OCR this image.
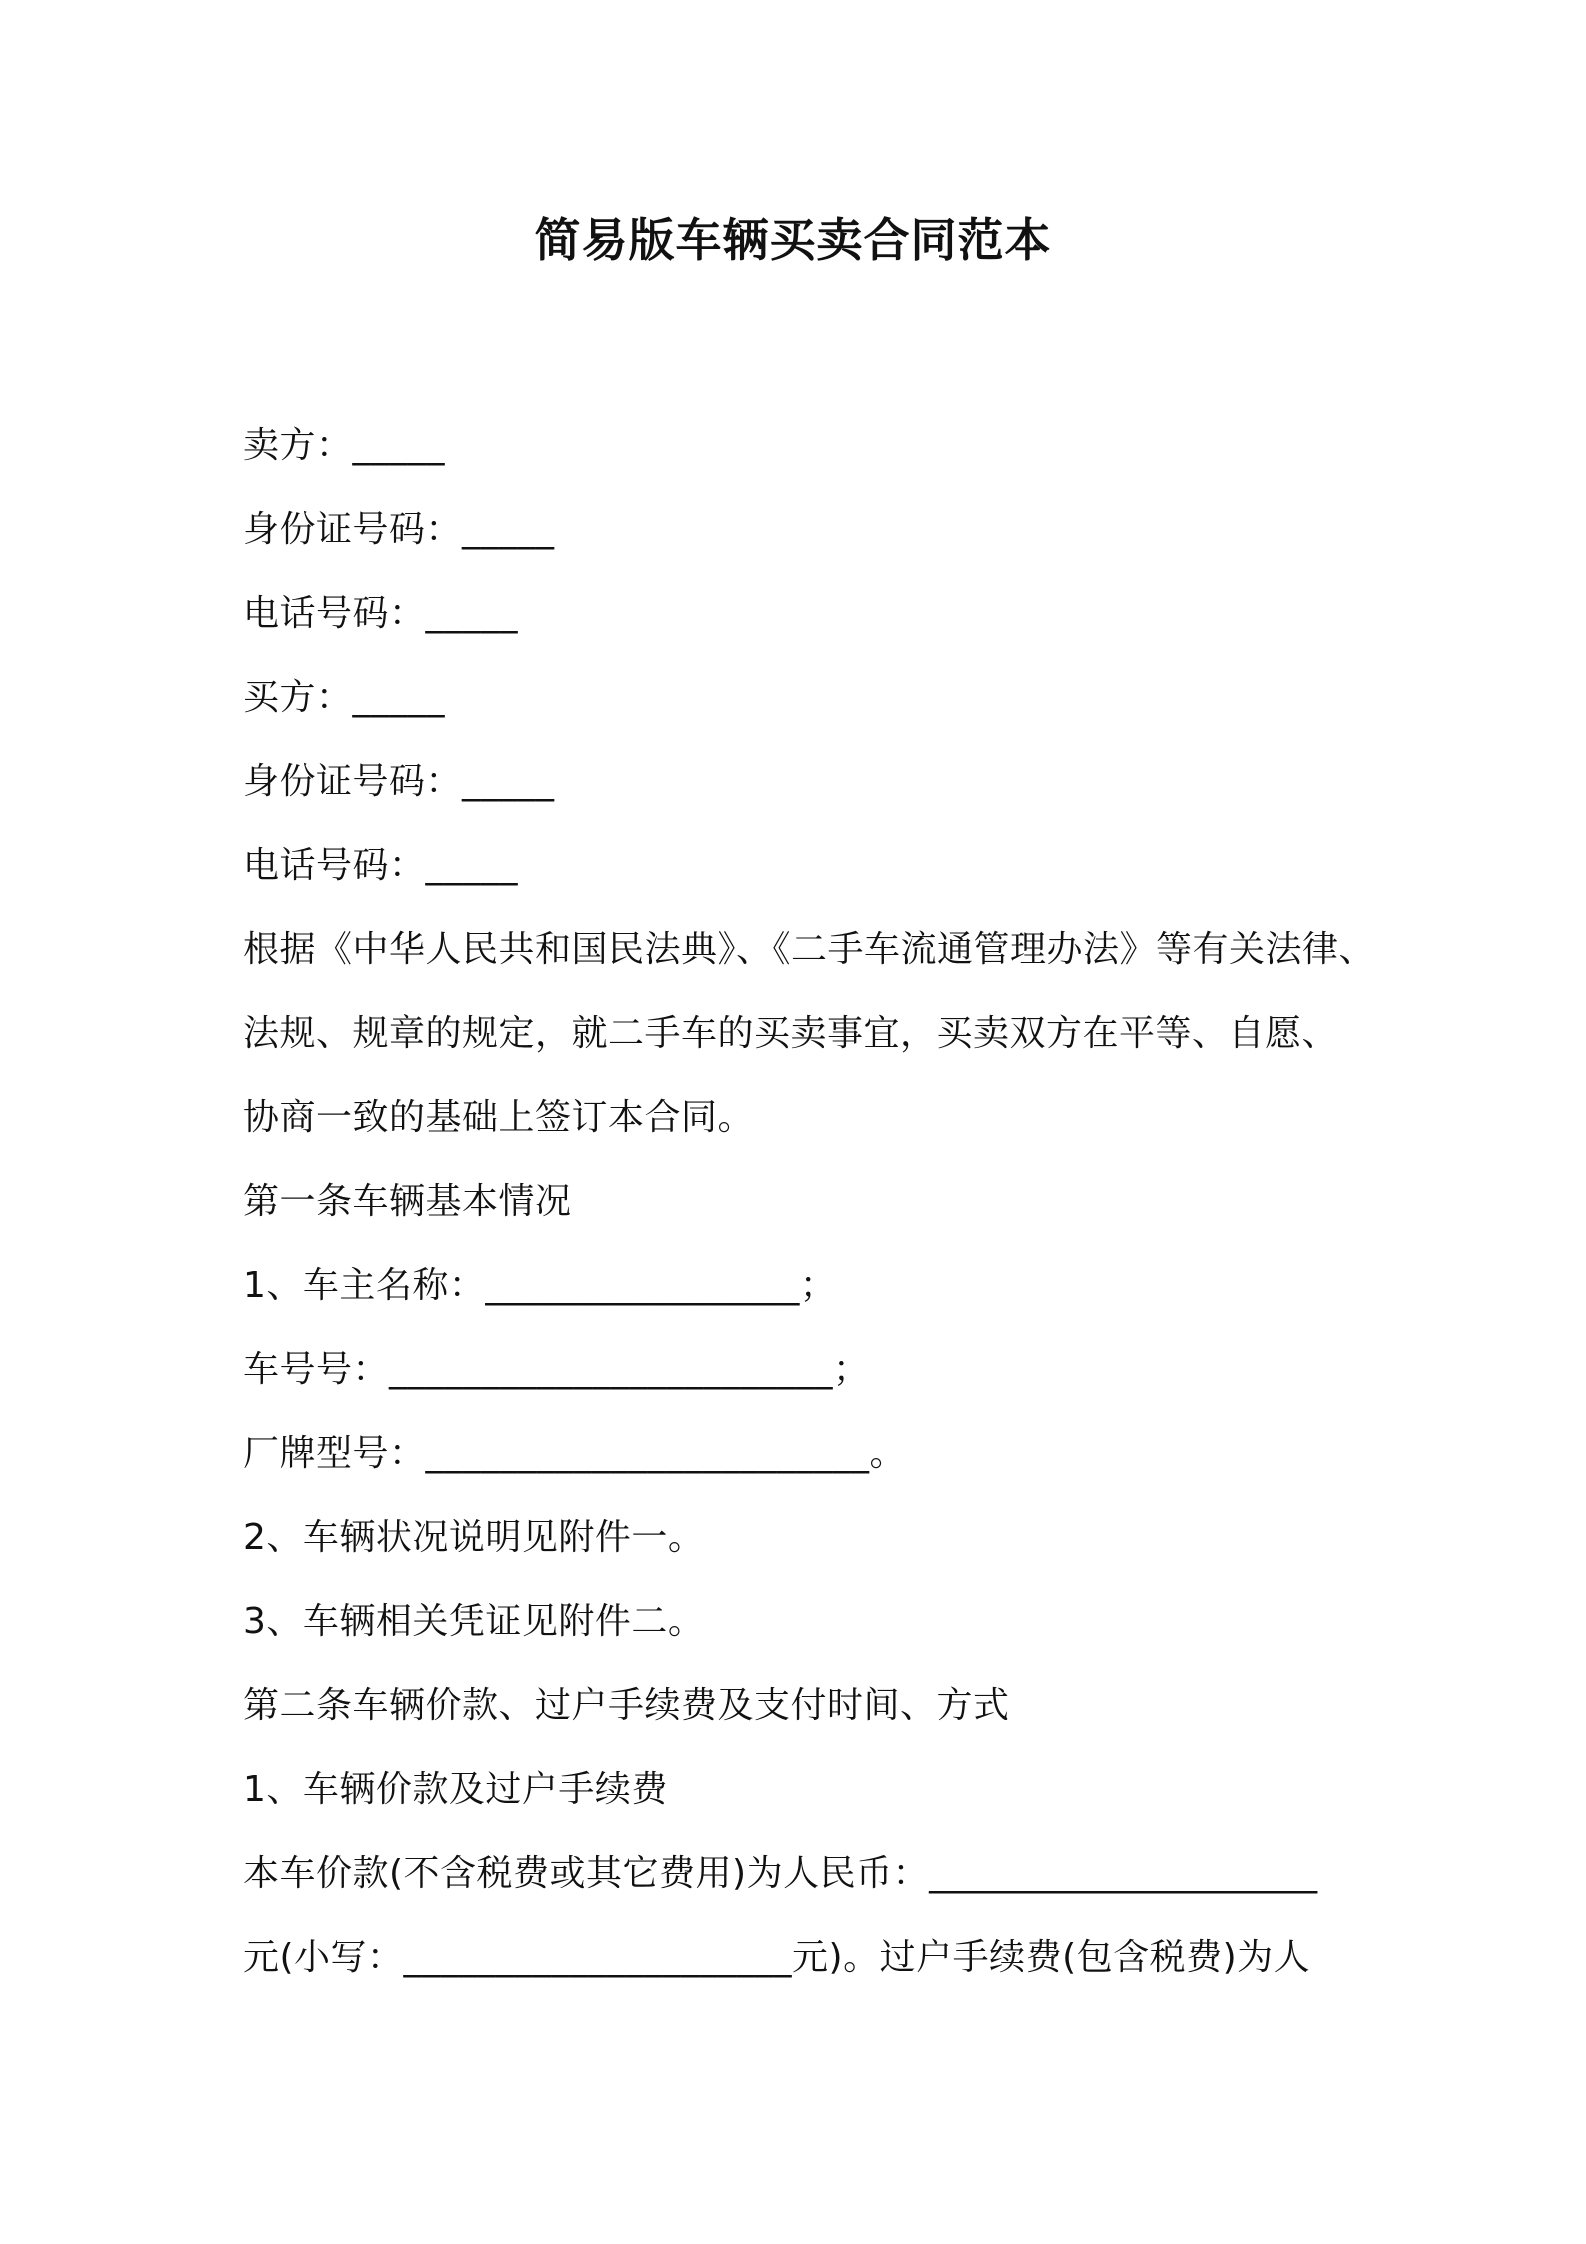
简易版车辆买卖合同范本
卖方：_____
身份证号码：_____
电话号码：_____
买方：_____
身份证号码：_____
电话号码：_____
根据《中华人民共和国民法典》、《二手车流通管理办法》等有关法律、
法规、规章的规定，就二手车的买卖事宜，买卖双方在平等、自愿、
协商一致的基础上签订本合同。
第一条车辆基本情况
1、车主名称：_________________；
车号号：________________________；
厂牌型号：________________________。
2、车辆状况说明见附件一。
3、车辆相关凭证见附件二。
第二条车辆价款、过户手续费及支付时间、方式
1、车辆价款及过户手续费
本车价款(不含税费或其它费用)为人民币：_____________________
元(小写：_____________________元)。过户手续费(包含税费)为人
